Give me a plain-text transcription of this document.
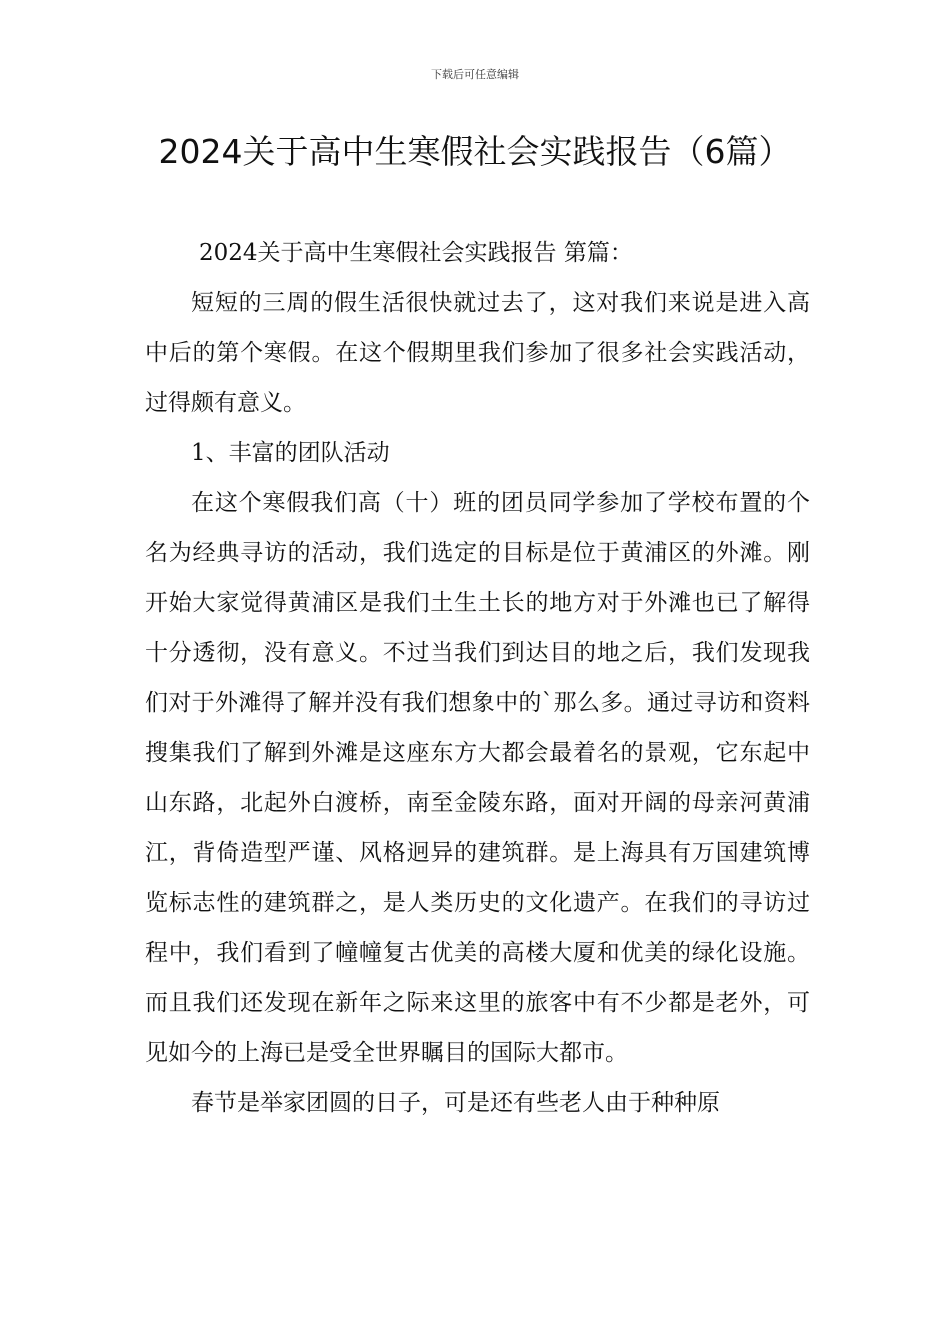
下载后可任意编辑
2024关于高中生寒假社会实践报告（6篇）

2024关于高中生寒假社会实践报告 第篇：

短短的三周的假生活很快就过去了，这对我们来说是进入高中后的第个寒假。在这个假期里我们参加了很多社会实践活动，过得颇有意义。

1、丰富的团队活动

在这个寒假我们高（十）班的团员同学参加了学校布置的个名为经典寻访的活动，我们选定的目标是位于黄浦区的外滩。刚开始大家觉得黄浦区是我们土生土长的地方对于外滩也已了解得十分透彻，没有意义。不过当我们到达目的地之后，我们发现我们对于外滩得了解并没有我们想象中的`那么多。通过寻访和资料搜集我们了解到外滩是这座东方大都会最着名的景观，它东起中山东路，北起外白渡桥，南至金陵东路，面对开阔的母亲河黄浦江，背倚造型严谨、风格迥异的建筑群。是上海具有万国建筑博览标志性的建筑群之，是人类历史的文化遗产。在我们的寻访过程中，我们看到了幢幢复古优美的高楼大厦和优美的绿化设施。而且我们还发现在新年之际来这里的旅客中有不少都是老外，可见如今的上海已是受全世界瞩目的国际大都市。

春节是举家团圆的日子，可是还有些老人由于种种原
